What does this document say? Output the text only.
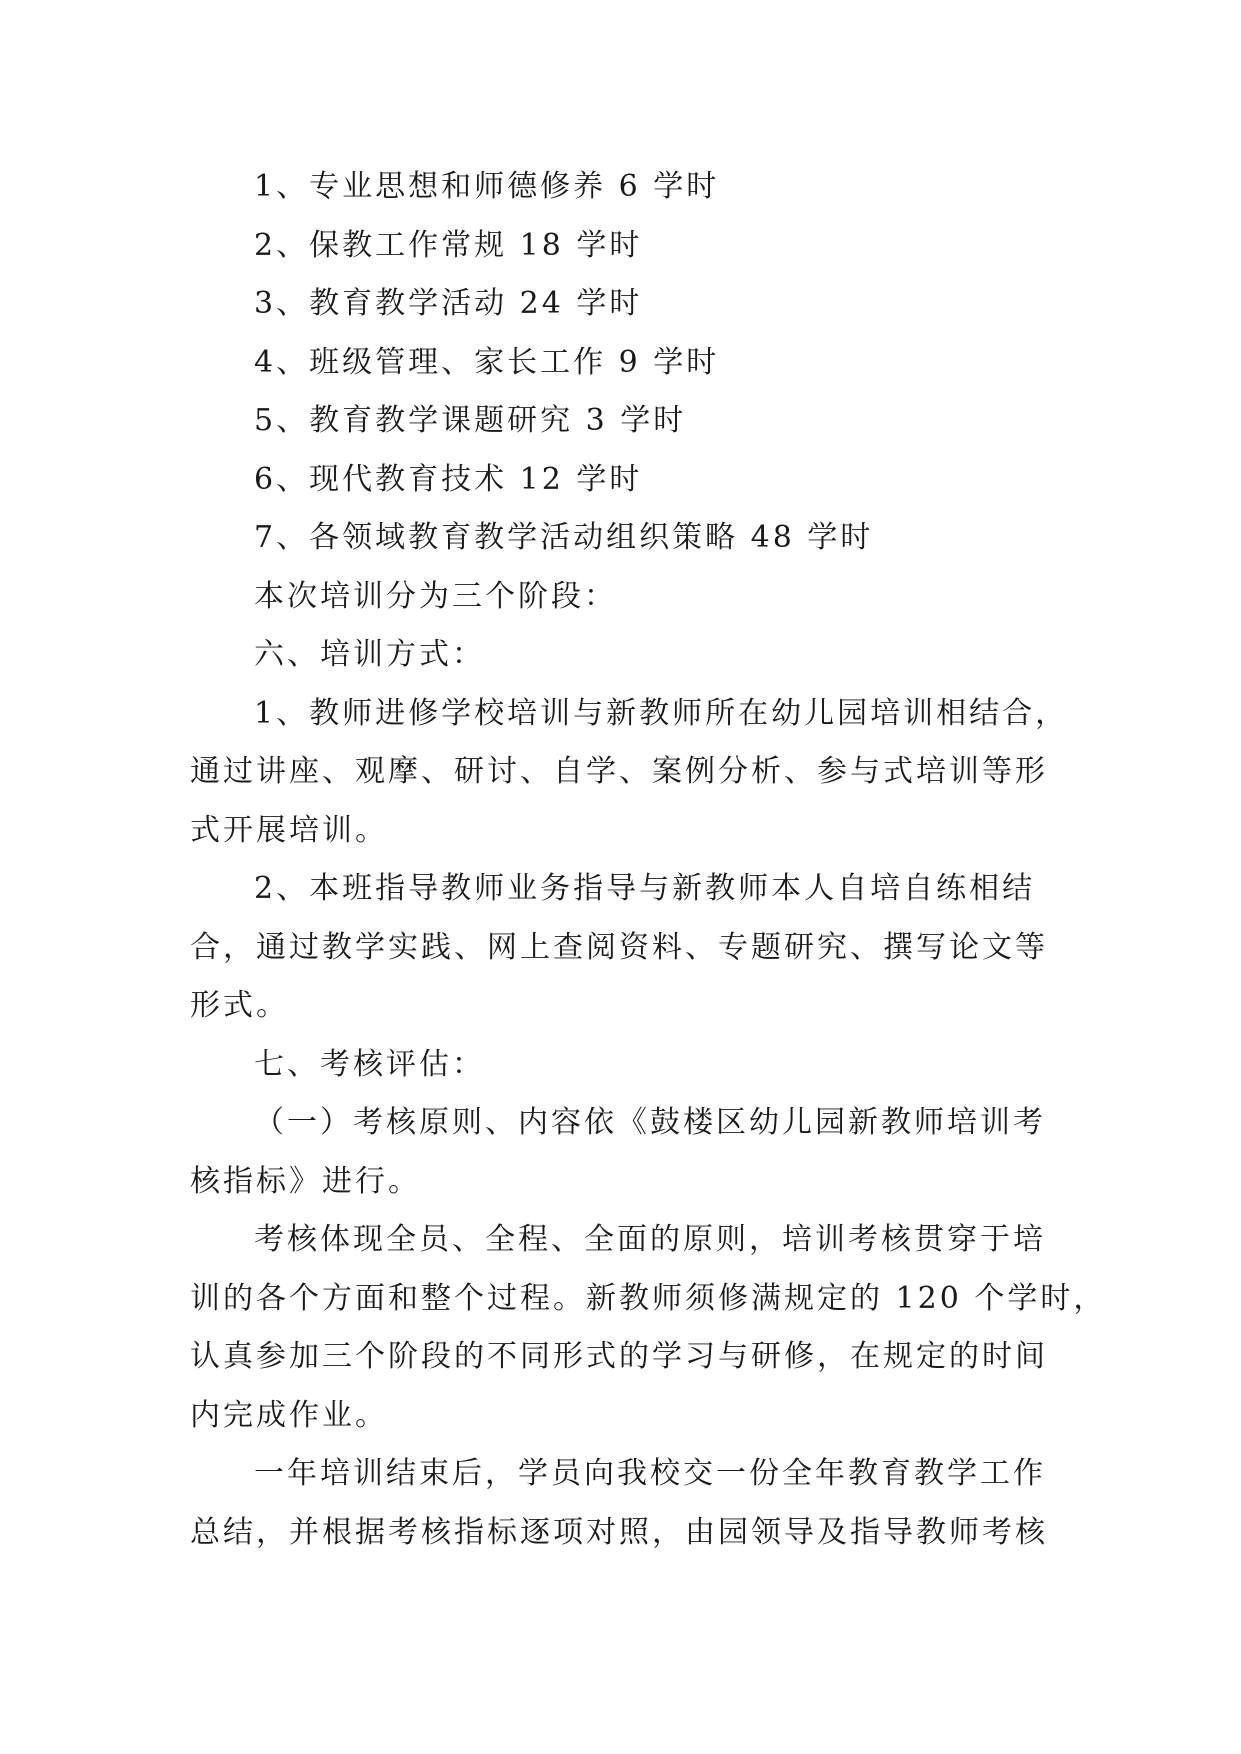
1、专业思想和师德修养 6 学时
2、保教工作常规 18 学时
3、教育教学活动 24 学时
4、班级管理、家长工作 9 学时
5、教育教学课题研究 3 学时
6、现代教育技术 12 学时
7、各领域教育教学活动组织策略 48 学时
本次培训分为三个阶段：
六、培训方式：
1、教师进修学校培训与新教师所在幼儿园培训相结合，
通过讲座、观摩、研讨、自学、案例分析、参与式培训等形
式开展培训。
2、本班指导教师业务指导与新教师本人自培自练相结
合，通过教学实践、网上查阅资料、专题研究、撰写论文等
形式。
七、考核评估：
（一）考核原则、内容依《鼓楼区幼儿园新教师培训考
核指标》进行。
考核体现全员、全程、全面的原则，培训考核贯穿于培
训的各个方面和整个过程。新教师须修满规定的 120 个学时，
认真参加三个阶段的不同形式的学习与研修，在规定的时间
内完成作业。
一年培训结束后，学员向我校交一份全年教育教学工作
总结，并根据考核指标逐项对照，由园领导及指导教师考核
